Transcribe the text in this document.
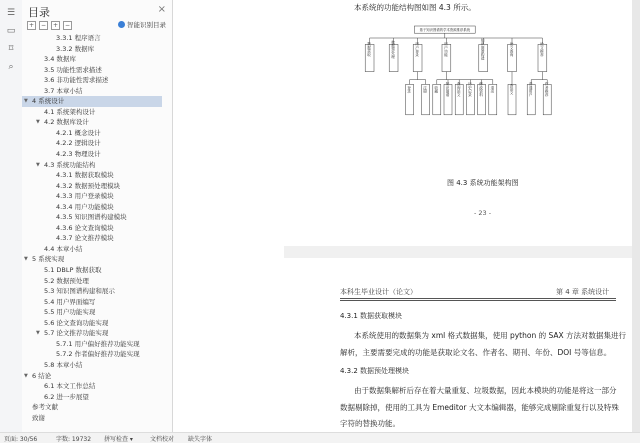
☰
▭
⌑
⌕
目录	×
+	−	+	−	智能识别目录
3.3.1 程序语言
3.3.2 数据库
3.4 数据库
3.5 功能性需求描述
3.6 非功能性需求描述
3.7 本章小结
▼ 4 系统设计
4.1 系统架构设计
▼ 4.2 数据库设计
4.2.1 概念设计
4.2.2 逻辑设计
4.2.3 物理设计
▼ 4.3 系统功能结构
4.3.1 数据获取模块
4.3.2 数据预处理模块
4.3.3 用户登录模块
4.3.4 用户功能模块
4.3.5 知识图谱构建模块
4.3.6 论文查询模块
4.3.7 论文推荐模块
4.4 本章小结
▼ 5 系统实现
5.1 DBLP 数据获取
5.2 数据预处理
5.3 知识图谱构建和展示
5.4 用户界面编写
5.5 用户功能实现
5.6 论文查询功能实现
▼ 5.7 论文推荐功能实现
5.7.1 用户偏好推荐功能实现
5.7.2 作者偏好推荐功能实现
5.8 本章小结
▼ 6 结论
6.1 本文工作总结
6.2 进一步展望
参考文献
致谢
本系统的功能结构图如图 4.3 所示。
数据获取	数据预处理	用户登录	用户功能	知识图谱构建	论文查询	论文推荐
登录	注册 收藏 知识图谱 查询论文 历史记录 修改资料 退出	查论文	普通用户	作者推荐
基于知识图谱的学术资源推荐系统
图 4.3 系统功能架构图
- 23 -
本科生毕业设计（论文）	第 4 章 系统设计
4.3.1 数据获取模块
本系统使用的数据集为 xml 格式数据集，使用 python 的 SAX 方法对数据集进行
解析，主要需要完成的功能是获取论文名、作者名、期刊、年份、DOI 号等信息。
4.3.2 数据预处理模块
由于数据集解析后存在着大量重复、垃圾数据，因此本模块的功能是将这一部分
数据剔除掉，使用的工具为 Emeditor 大文本编辑器，能够完成剔除重复行以及特殊
字符的替换功能。
页面: 30/56	字数: 19732 拼写检查 ▾	文档校对 缺失字体
